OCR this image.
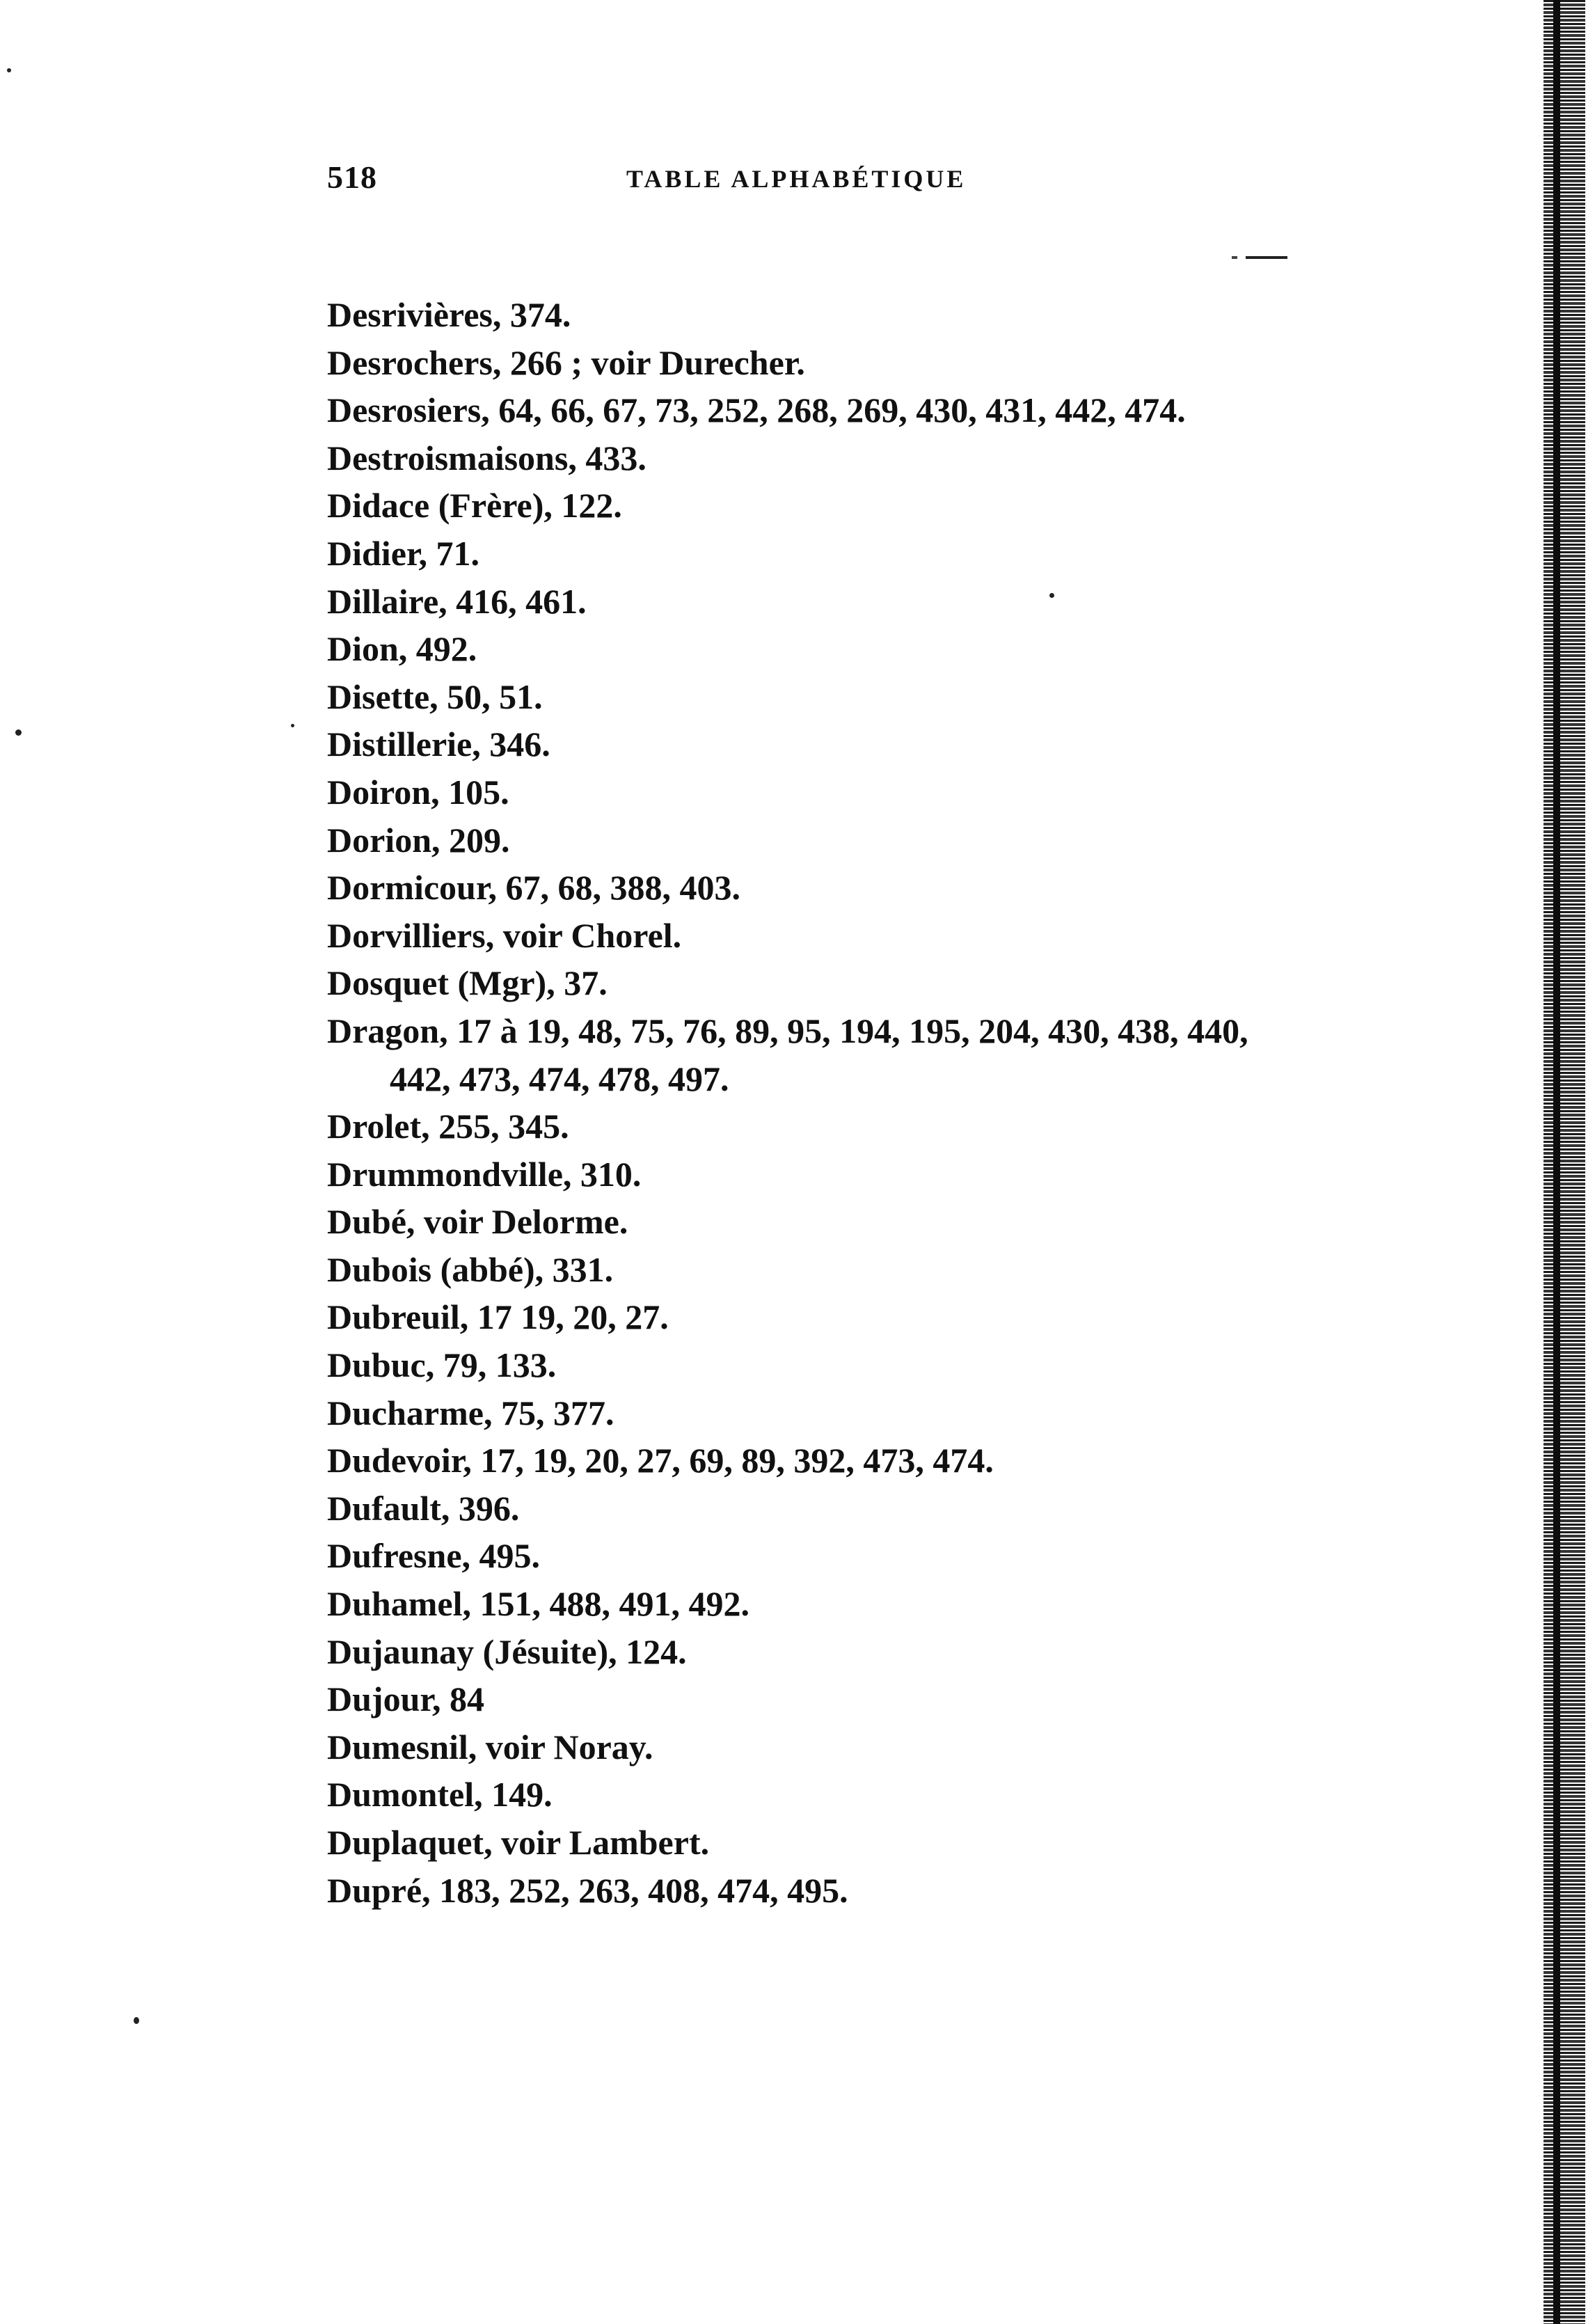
518	TABLE ALPHABÉTIQUE
Desrivières, 374.
Desrochers, 266 ; voir Durecher.
Desrosiers, 64, 66, 67, 73, 252, 268, 269, 430, 431, 442, 474.
Destroismaisons, 433.
Didace (Frère), 122.
Didier, 71.
Dillaire, 416, 461.
Dion, 492.
Disette, 50, 51.
Distillerie, 346.
Doiron, 105.
Dorion, 209.
Dormicour, 67, 68, 388, 403.
Dorvilliers, voir Chorel.
Dosquet (Mgr), 37.
Dragon, 17 à 19, 48, 75, 76, 89, 95, 194, 195, 204, 430, 438, 440, 442, 473, 474, 478, 497.
Drolet, 255, 345.
Drummondville, 310.
Dubé, voir Delorme.
Dubois (abbé), 331.
Dubreuil, 17 19, 20, 27.
Dubuc, 79, 133.
Ducharme, 75, 377.
Dudevoir, 17, 19, 20, 27, 69, 89, 392, 473, 474.
Dufault, 396.
Dufresne, 495.
Duhamel, 151, 488, 491, 492.
Dujaunay (Jésuite), 124.
Dujour, 84
Dumesnil, voir Noray.
Dumontel, 149.
Duplaquet, voir Lambert.
Dupré, 183, 252, 263, 408, 474, 495.
